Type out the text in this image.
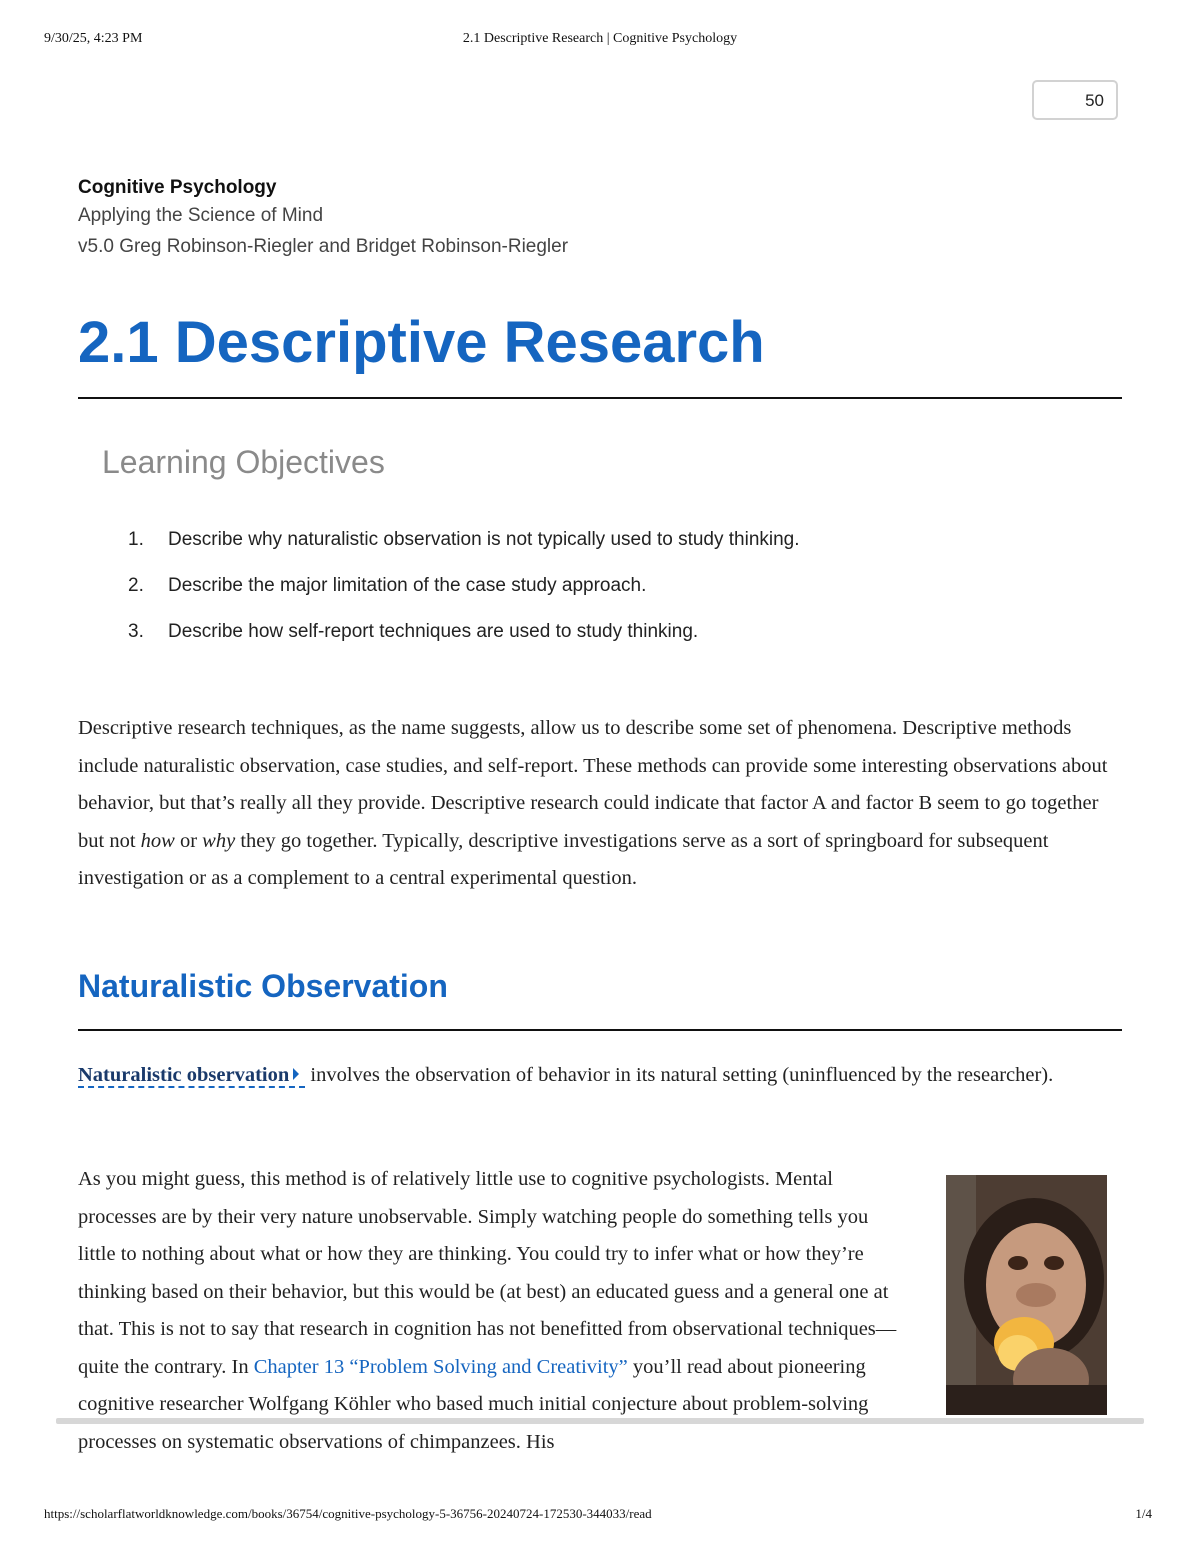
9/30/25, 4:23 PM	2.1 Descriptive Research | Cognitive Psychology
50
Cognitive Psychology
Applying the Science of Mind
v5.0 Greg Robinson-Riegler and Bridget Robinson-Riegler
2.1 Descriptive Research
Learning Objectives
1. Describe why naturalistic observation is not typically used to study thinking.
2. Describe the major limitation of the case study approach.
3. Describe how self-report techniques are used to study thinking.

Descriptive research techniques, as the name suggests, allow us to describe some set of phenomena. Descriptive methods include naturalistic observation, case studies, and self-report. These methods can provide some interesting observations about behavior, but that’s really all they provide. Descriptive research could indicate that factor A and factor B seem to go together but not how or why they go together. Typically, descriptive investigations serve as a sort of springboard for subsequent investigation or as a complement to a central experimental question.

Naturalistic Observation

Naturalistic observation involves the observation of behavior in its natural setting (uninfluenced by the researcher).

As you might guess, this method is of relatively little use to cognitive psychologists. Mental processes are by their very nature unobservable. Simply watching people do something tells you little to nothing about what or how they are thinking. You could try to infer what or how they’re thinking based on their behavior, but this would be (at best) an educated guess and a general one at that. This is not to say that research in cognition has not benefitted from observational techniques—quite the contrary. In Chapter 13 “Problem Solving and Creativity” you’ll read about pioneering cognitive researcher Wolfgang Köhler who based much initial conjecture about problem-solving processes on systematic observations of chimpanzees. His

https://scholarflatworldknowledge.com/books/36754/cognitive-psychology-5-36756-20240724-172530-344033/read	1/4
